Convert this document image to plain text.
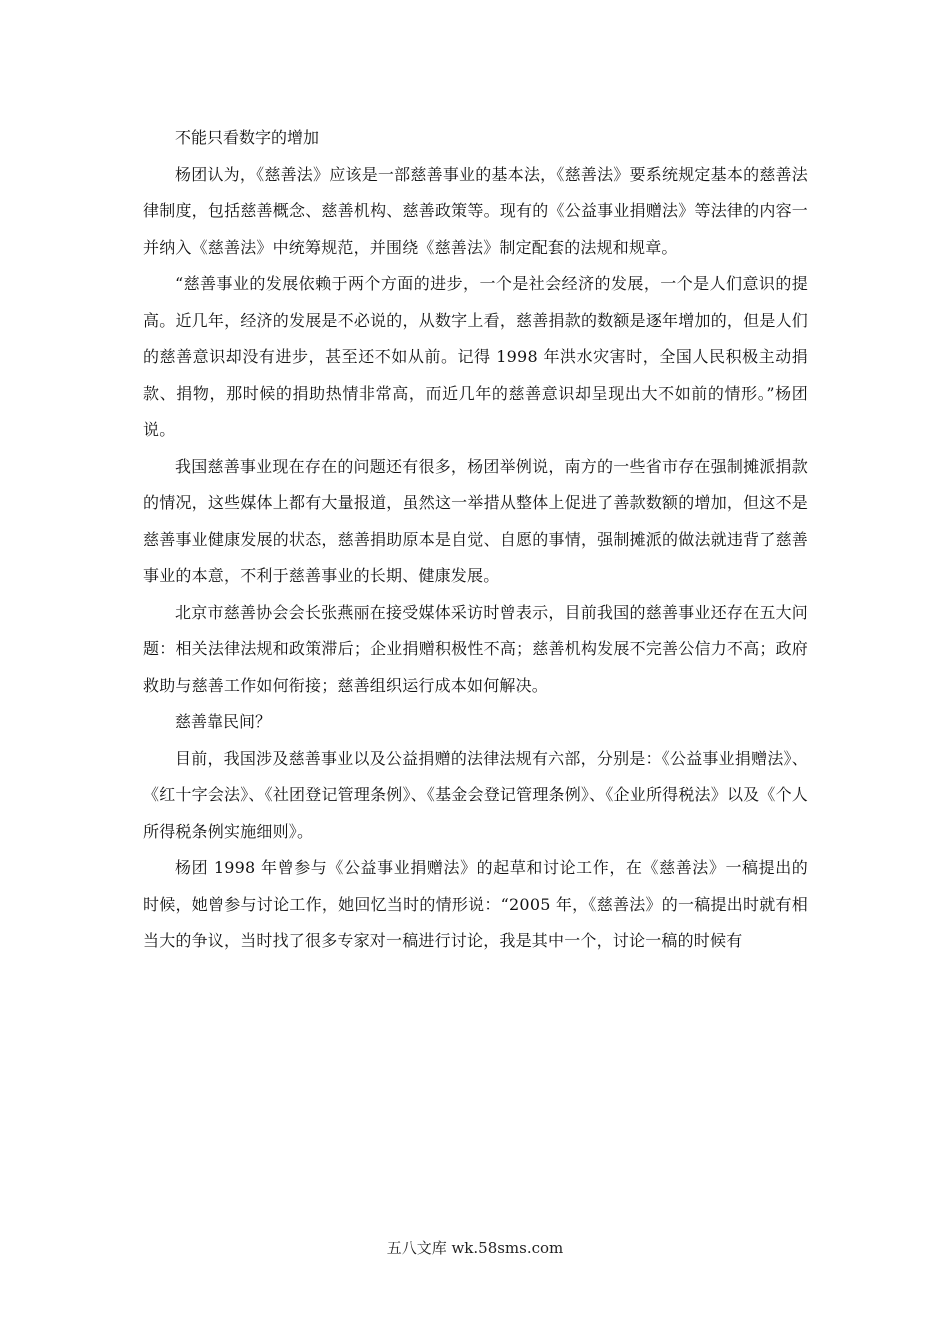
不能只看数字的增加

杨团认为，《慈善法》应该是一部慈善事业的基本法，《慈善法》要系统规定基本的慈善法律制度，包括慈善概念、慈善机构、慈善政策等。现有的《公益事业捐赠法》等法律的内容一并纳入《慈善法》中统筹规范，并围绕《慈善法》制定配套的法规和规章。

“慈善事业的发展依赖于两个方面的进步，一个是社会经济的发展，一个是人们意识的提高。近几年，经济的发展是不必说的，从数字上看，慈善捐款的数额是逐年增加的，但是人们的慈善意识却没有进步，甚至还不如从前。记得 1998 年洪水灾害时，全国人民积极主动捐款、捐物，那时候的捐助热情非常高，而近几年的慈善意识却呈现出大不如前的情形。”杨团说。

我国慈善事业现在存在的问题还有很多，杨团举例说，南方的一些省市存在强制摊派捐款的情况，这些媒体上都有大量报道，虽然这一举措从整体上促进了善款数额的增加，但这不是慈善事业健康发展的状态，慈善捐助原本是自觉、自愿的事情，强制摊派的做法就违背了慈善事业的本意，不利于慈善事业的长期、健康发展。

北京市慈善协会会长张燕丽在接受媒体采访时曾表示，目前我国的慈善事业还存在五大问题：相关法律法规和政策滞后；企业捐赠积极性不高；慈善机构发展不完善公信力不高；政府救助与慈善工作如何衔接；慈善组织运行成本如何解决。

慈善靠民间？

目前，我国涉及慈善事业以及公益捐赠的法律法规有六部，分别是：《公益事业捐赠法》、《红十字会法》、《社团登记管理条例》、《基金会登记管理条例》、《企业所得税法》以及《个人所得税条例实施细则》。

杨团 1998 年曾参与《公益事业捐赠法》的起草和讨论工作，在《慈善法》一稿提出的时候，她曾参与讨论工作，她回忆当时的情形说：“2005 年，《慈善法》的一稿提出时就有相当大的争议，当时找了很多专家对一稿进行讨论，我是其中一个，讨论一稿的时候有

五八文库 wk.58sms.com
